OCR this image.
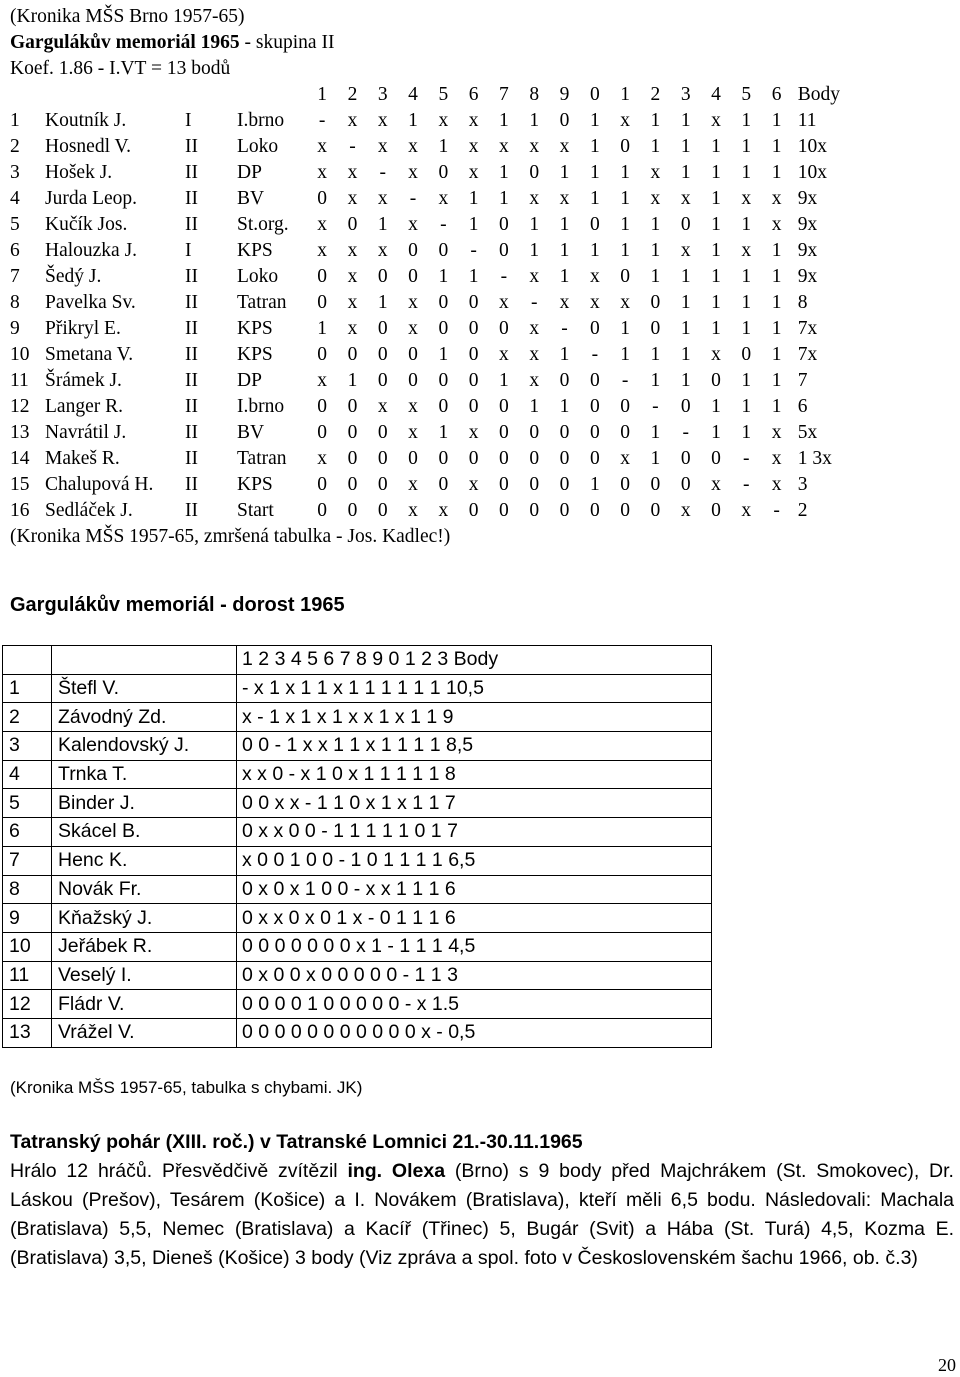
(Kronika MŠS Brno 1957-65)
Gargulákův memoriál 1965 - skupina II
Koef. 1.86 - I.VT = 13 bodů
				1	2	3	4	5	6	7	8	9	0	1	2	3	4	5	6	Body
1	Koutník J.	I	I.brno	-	x	x	1	x	x	1	1	0	1	x	1	1	x	1	1	11
2	Hosnedl V.	II	Loko	x	-	x	x	1	x	x	x	x	1	0	1	1	1	1	1	10x
3	Hošek J.	II	DP	x	x	-	x	0	x	1	0	1	1	1	x	1	1	1	1	10x
4	Jurda Leop.	II	BV	0	x	x	-	x	1	1	x	x	1	1	x	x	1	x	x	9x
5	Kučík Jos.	II	St.org.	x	0	1	x	-	1	0	1	1	0	1	1	0	1	1	x	9x
6	Halouzka J.	I	KPS	x	x	x	0	0	-	0	1	1	1	1	1	x	1	x	1	9x
7	Šedý J.	II	Loko	0	x	0	0	1	1	-	x	1	x	0	1	1	1	1	1	9x
8	Pavelka Sv.	II	Tatran	0	x	1	x	0	0	x	-	x	x	x	0	1	1	1	1	8
9	Přikryl E.	II	KPS	1	x	0	x	0	0	0	x	-	0	1	0	1	1	1	1	7x
10	Smetana V.	II	KPS	0	0	0	0	1	0	x	x	1	-	1	1	1	x	0	1	7x
11	Šrámek J.	II	DP	x	1	0	0	0	0	1	x	0	0	-	1	1	0	1	1	7
12	Langer R.	II	I.brno	0	0	x	x	0	0	0	1	1	0	0	-	0	1	1	1	6
13	Navrátil J.	II	BV	0	0	0	x	1	x	0	0	0	0	0	1	-	1	1	x	5x
14	Makeš R.	II	Tatran	x	0	0	0	0	0	0	0	0	0	x	1	0	0	-	x	1 3x
15	Chalupová H.	II	KPS	0	0	0	x	0	x	0	0	0	1	0	0	0	x	-	x	3
16	Sedláček J.	II	Start	0	0	0	x	x	0	0	0	0	0	0	0	x	0	x	-	2
(Kronika MŠS 1957-65, zmršená tabulka - Jos. Kadlec!)
Gargulákův memoriál - dorost 1965
		1 2 3 4 5 6 7 8 9 0 1 2 3 Body
1	Štefl V.	- x 1 x 1 1 x 1 1 1 1 1 1 10,5
2	Závodný Zd.	x - 1 x 1 x 1 x x 1 x 1 1 9
3	Kalendovský J.	0 0 - 1 x x 1 1 x 1 1 1 1 8,5
4	Trnka T.	x x 0 - x 1 0 x 1 1 1 1 1 8
5	Binder J.	0 0 x x - 1 1 0 x 1 x 1 1 7
6	Skácel B.	0 x x 0 0 - 1 1 1 1 1 0 1 7
7	Henc K.	x 0 0 1 0 0 - 1 0 1 1 1 1 6,5
8	Novák Fr.	0 x 0 x 1 0 0 - x x 1 1 1 6
9	Kňažský J.	0 x x 0 x 0 1 x - 0 1 1 1 6
10	Jeřábek R.	0 0 0 0 0 0 0 x 1 - 1 1 1 4,5
11	Veselý I.	0 x 0 0 x 0 0 0 0 0 - 1 1 3
12	Fládr V.	0 0 0 0 1 0 0 0 0 0 - x 1.5
13	Vrážel V.	0 0 0 0 0 0 0 0 0 0 0 x - 0,5
(Kronika MŠS 1957-65, tabulka s chybami. JK)
Tatranský pohár (XIII. roč.) v Tatranské Lomnici 21.-30.11.1965
Hrálo 12 hráčů. Přesvědčivě zvítězil ing. Olexa (Brno) s 9 body před Majchrákem (St. Smokovec), Dr. Láskou (Prešov), Tesárem (Košice) a I. Novákem (Bratislava), kteří měli 6,5 bodu. Následovali: Machala (Bratislava) 5,5, Nemec (Bratislava) a Kacíř (Třinec) 5, Bugár (Svit) a Hába (St. Turá) 4,5, Kozma E. (Bratislava) 3,5, Dieneš (Košice) 3 body (Viz zpráva a spol. foto v Československém šachu 1966, ob. č.3)
20
